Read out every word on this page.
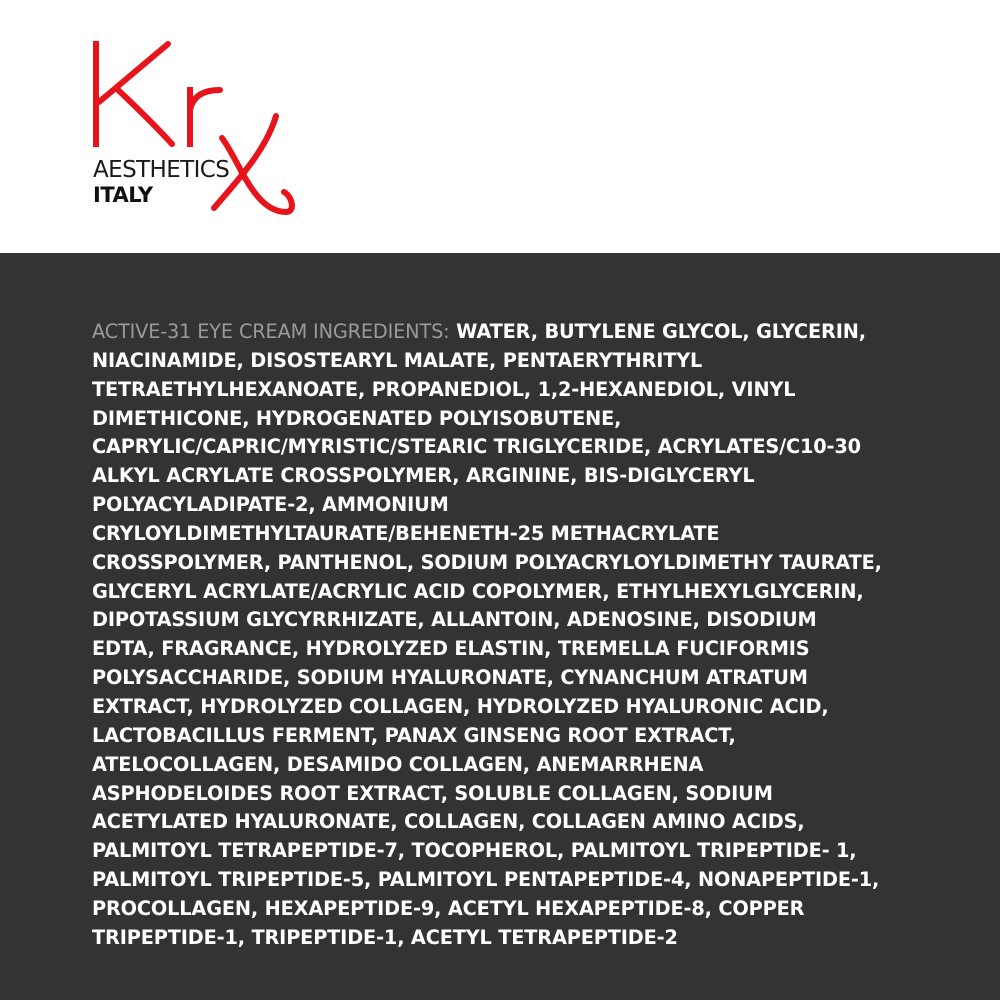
AESTHETICS
ITALY
ACTIVE-31 EYE CREAM INGREDIENTS: WATER, BUTYLENE GLYCOL, GLYCERIN,
NIACINAMIDE, DISOSTEARYL MALATE, PENTAERYTHRITYL
TETRAETHYLHEXANOATE, PROPANEDIOL, 1,2-HEXANEDIOL, VINYL
DIMETHICONE, HYDROGENATED POLYISOBUTENE,
CAPRYLIC/CAPRIC/MYRISTIC/STEARIC TRIGLYCERIDE, ACRYLATES/C10-30
ALKYL ACRYLATE CROSSPOLYMER, ARGININE, BIS-DIGLYCERYL
POLYACYLADIPATE-2, AMMONIUM
CRYLOYLDIMETHYLTAURATE/BEHENETH-25 METHACRYLATE
CROSSPOLYMER, PANTHENOL, SODIUM POLYACRYLOYLDIMETHY TAURATE,
GLYCERYL ACRYLATE/ACRYLIC ACID COPOLYMER, ETHYLHEXYLGLYCERIN,
DIPOTASSIUM GLYCYRRHIZATE, ALLANTOIN, ADENOSINE, DISODIUM
EDTA, FRAGRANCE, HYDROLYZED ELASTIN, TREMELLA FUCIFORMIS
POLYSACCHARIDE, SODIUM HYALURONATE, CYNANCHUM ATRATUM
EXTRACT, HYDROLYZED COLLAGEN, HYDROLYZED HYALURONIC ACID,
LACTOBACILLUS FERMENT, PANAX GINSENG ROOT EXTRACT,
ATELOCOLLAGEN, DESAMIDO COLLAGEN, ANEMARRHENA
ASPHODELOIDES ROOT EXTRACT, SOLUBLE COLLAGEN, SODIUM
ACETYLATED HYALURONATE, COLLAGEN, COLLAGEN AMINO ACIDS,
PALMITOYL TETRAPEPTIDE-7, TOCOPHEROL, PALMITOYL TRIPEPTIDE- 1,
PALMITOYL TRIPEPTIDE-5, PALMITOYL PENTAPEPTIDE-4, NONAPEPTIDE-1,
PROCOLLAGEN, HEXAPEPTIDE-9, ACETYL HEXAPEPTIDE-8, COPPER
TRIPEPTIDE-1, TRIPEPTIDE-1, ACETYL TETRAPEPTIDE-2
